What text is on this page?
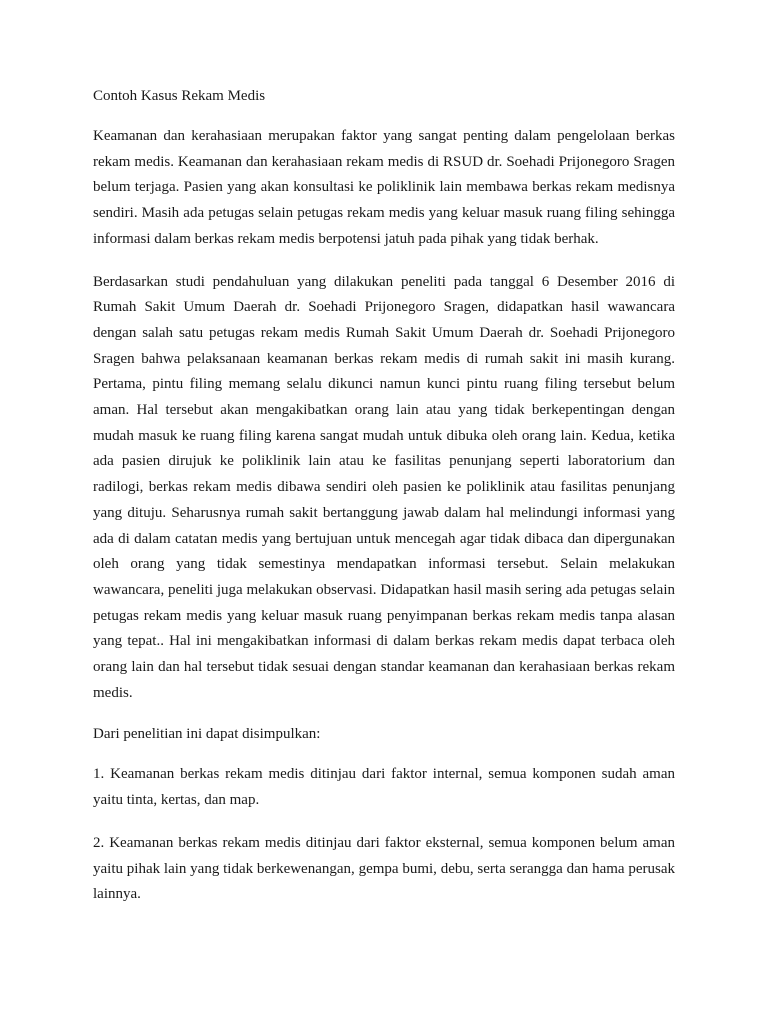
Contoh Kasus Rekam Medis

Keamanan dan kerahasiaan merupakan faktor yang sangat penting dalam pengelolaan berkas rekam medis. Keamanan dan kerahasiaan rekam medis di RSUD dr. Soehadi Prijonegoro Sragen belum terjaga. Pasien yang akan konsultasi ke poliklinik lain membawa berkas rekam medisnya sendiri. Masih ada petugas selain petugas rekam medis yang keluar masuk ruang filing sehingga informasi dalam berkas rekam medis berpotensi jatuh pada pihak yang tidak berhak.

Berdasarkan studi pendahuluan yang dilakukan peneliti pada tanggal 6 Desember 2016 di Rumah Sakit Umum Daerah dr. Soehadi Prijonegoro Sragen, didapatkan hasil wawancara dengan salah satu petugas rekam medis Rumah Sakit Umum Daerah dr. Soehadi Prijonegoro Sragen bahwa pelaksanaan keamanan berkas rekam medis di rumah sakit ini masih kurang. Pertama, pintu filing memang selalu dikunci namun kunci pintu ruang filing tersebut belum aman. Hal tersebut akan mengakibatkan orang lain atau yang tidak berkepentingan dengan mudah masuk ke ruang filing karena sangat mudah untuk dibuka oleh orang lain. Kedua, ketika ada pasien dirujuk ke poliklinik lain atau ke fasilitas penunjang seperti laboratorium dan radilogi, berkas rekam medis dibawa sendiri oleh pasien ke poliklinik atau fasilitas penunjang yang dituju. Seharusnya rumah sakit bertanggung jawab dalam hal melindungi informasi yang ada di dalam catatan medis yang bertujuan untuk mencegah agar tidak dibaca dan dipergunakan oleh orang yang tidak semestinya mendapatkan informasi tersebut. Selain melakukan wawancara, peneliti juga melakukan observasi. Didapatkan hasil masih sering ada petugas selain petugas rekam medis yang keluar masuk ruang penyimpanan berkas rekam medis tanpa alasan yang tepat.. Hal ini mengakibatkan informasi di dalam berkas rekam medis dapat terbaca oleh orang lain dan hal tersebut tidak sesuai dengan standar keamanan dan kerahasiaan berkas rekam medis.

Dari penelitian ini dapat disimpulkan:

1. Keamanan berkas rekam medis ditinjau dari faktor internal, semua komponen sudah aman yaitu tinta, kertas, dan map.

2. Keamanan berkas rekam medis ditinjau dari faktor eksternal, semua komponen belum aman yaitu pihak lain yang tidak berkewenangan, gempa bumi, debu, serta serangga dan hama perusak lainnya.
